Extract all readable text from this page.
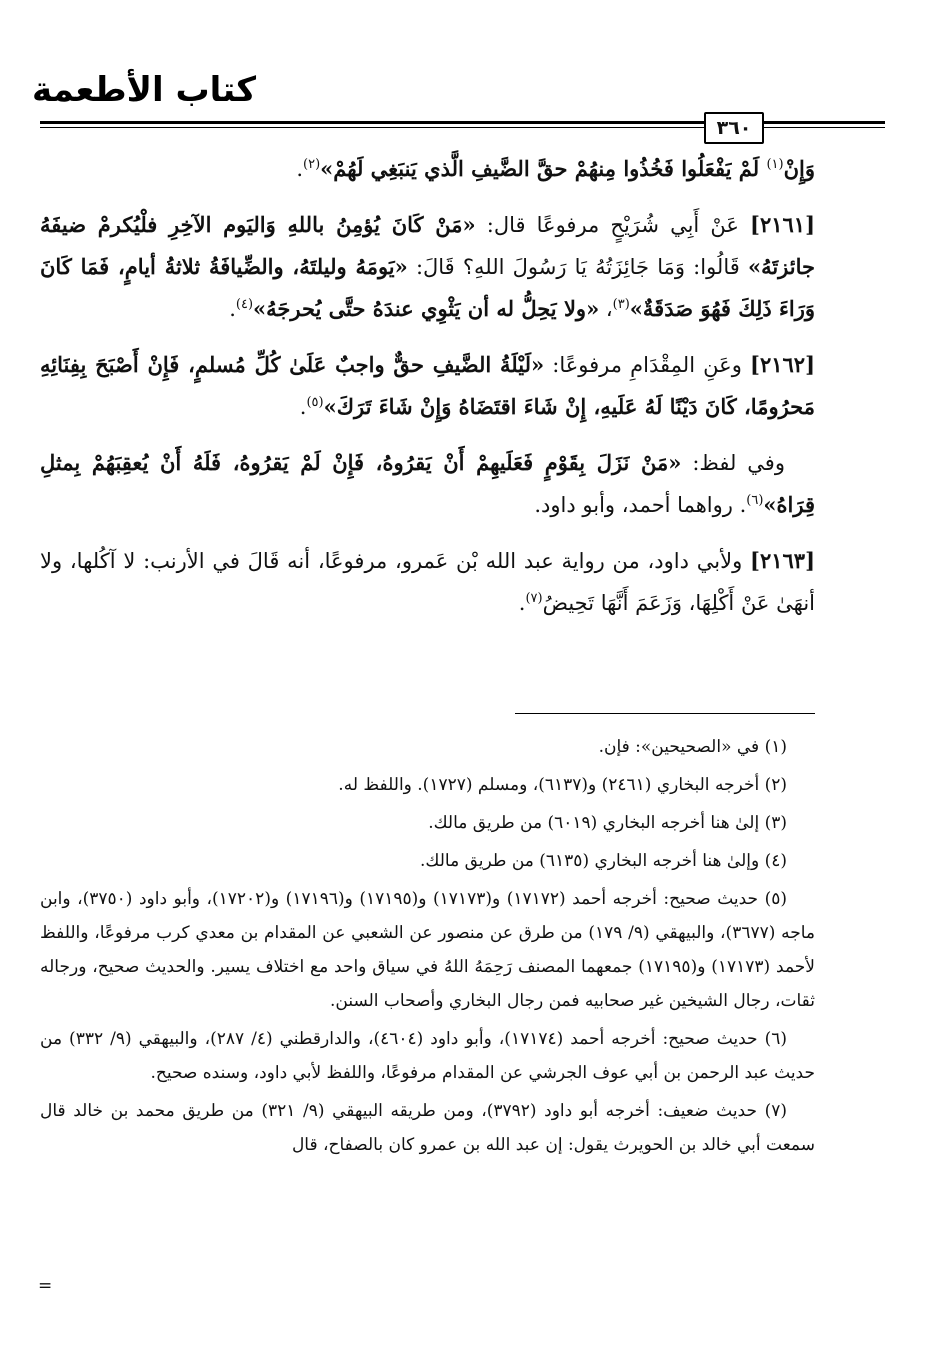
كتاب الأطعمة
٣٦٠

وَإِنْ$^{(١)}$ لَمْ يَفْعَلُوا فَخُذُوا مِنهُمْ حقَّ الضَّيفِ الَّذي يَنبَغِي لَهُمْ»$^{(٢)}$.

[٢١٦١] عَنْ أَبِي شُرَيْحٍ مرفوعًا قال: «مَنْ كَانَ يُؤمِنُ باللهِ وَاليَوم الآخِرِ فلْيُكرمْ ضيفَهُ جائزتَهُ» قَالُوا: وَمَا جَائِزَتُهُ يَا رَسُولَ اللهِ؟ قَالَ: «يَومَهُ وليلتَهُ، والضِّيافَةُ ثلاثةُ أيامٍ، فَمَا كَانَ وَرَاءَ ذَلِكَ فَهُوَ صَدَقَةٌ»$^{(٣)}$، «ولا يَحِلُّ له أن يَثْوِي عندَهُ حتَّى يُحرجَهُ»$^{(٤)}$.

[٢١٦٢] وعَنِ المِقْدَامِ مرفوعًا: «لَيْلَةُ الضَّيفِ حقٌّ واجبٌ عَلَىٰ كُلِّ مُسلمٍ، فَإِنْ أَصْبَحَ بِفِنَائِهِ مَحرُومًا، كَانَ دَيْنًا لَهُ عَلَيهِ، إِنْ شَاءَ اقتَضَاهُ وَإِنْ شَاءَ تَرَكَ»$^{(٥)}$.

وفي لفظ: «مَنْ نَزَلَ بِقَوْمٍ فَعَلَيهِمْ أَنْ يَقرُوهُ، فَإِنْ لَمْ يَقرُوهُ، فَلَهُ أَنْ يُعقِبَهُمْ بِمثلِ قِرَاهُ»$^{(٦)}$. رواهما أحمد، وأبو داود.

[٢١٦٣] ولأبي داود، من رواية عبد الله بْن عَمرو، مرفوعًا، أنه قَالَ في الأرنب: لا آكُلها، ولا أنهَىٰ عَنْ أَكْلِهَا، وَزَعَمَ أَنَّهَا تَحِيضُ$^{(٧)}$.

(١) في «الصحيحين»: فإن.

(٢) أخرجه البخاري (٢٤٦١) و(٦١٣٧)، ومسلم (١٧٢٧). واللفظ له.

(٣) إلىٰ هنا أخرجه البخاري (٦٠١٩) من طريق مالك.

(٤) وإلىٰ هنا أخرجه البخاري (٦١٣٥) من طريق مالك.

(٥) حديث صحيح: أخرجه أحمد (١٧١٧٢) و(١٧١٧٣) و(١٧١٩٥) و(١٧١٩٦) و(١٧٢٠٢)، وأبو داود (٣٧٥٠)، وابن ماجه (٣٦٧٧)، والبيهقي (٩/ ١٧٩) من طرق عن منصور عن الشعبي عن المقدام بن معدي كرب مرفوعًا، واللفظ لأحمد (١٧١٧٣) و(١٧١٩٥) جمعهما المصنف رَحِمَهُ اللهُ في سياق واحد مع اختلاف يسير. والحديث صحيح، ورجاله ثقات، رجال الشيخين غير صحابيه فمن رجال البخاري وأصحاب السنن.

(٦) حديث صحيح: أخرجه أحمد (١٧١٧٤)، وأبو داود (٤٦٠٤)، والدارقطني (٤/ ٢٨٧)، والبيهقي (٩/ ٣٣٢) من حديث عبد الرحمن بن أبي عوف الجرشي عن المقدام مرفوعًا، واللفظ لأبي داود، وسنده صحيح.

(٧) حديث ضعيف: أخرجه أبو داود (٣٧٩٢)، ومن طريقه البيهقي (٩/ ٣٢١) من طريق محمد بن خالد قال سمعت أبي خالد بن الحويرث يقول: إن عبد الله بن عمرو كان بالصفاح، قال

=
